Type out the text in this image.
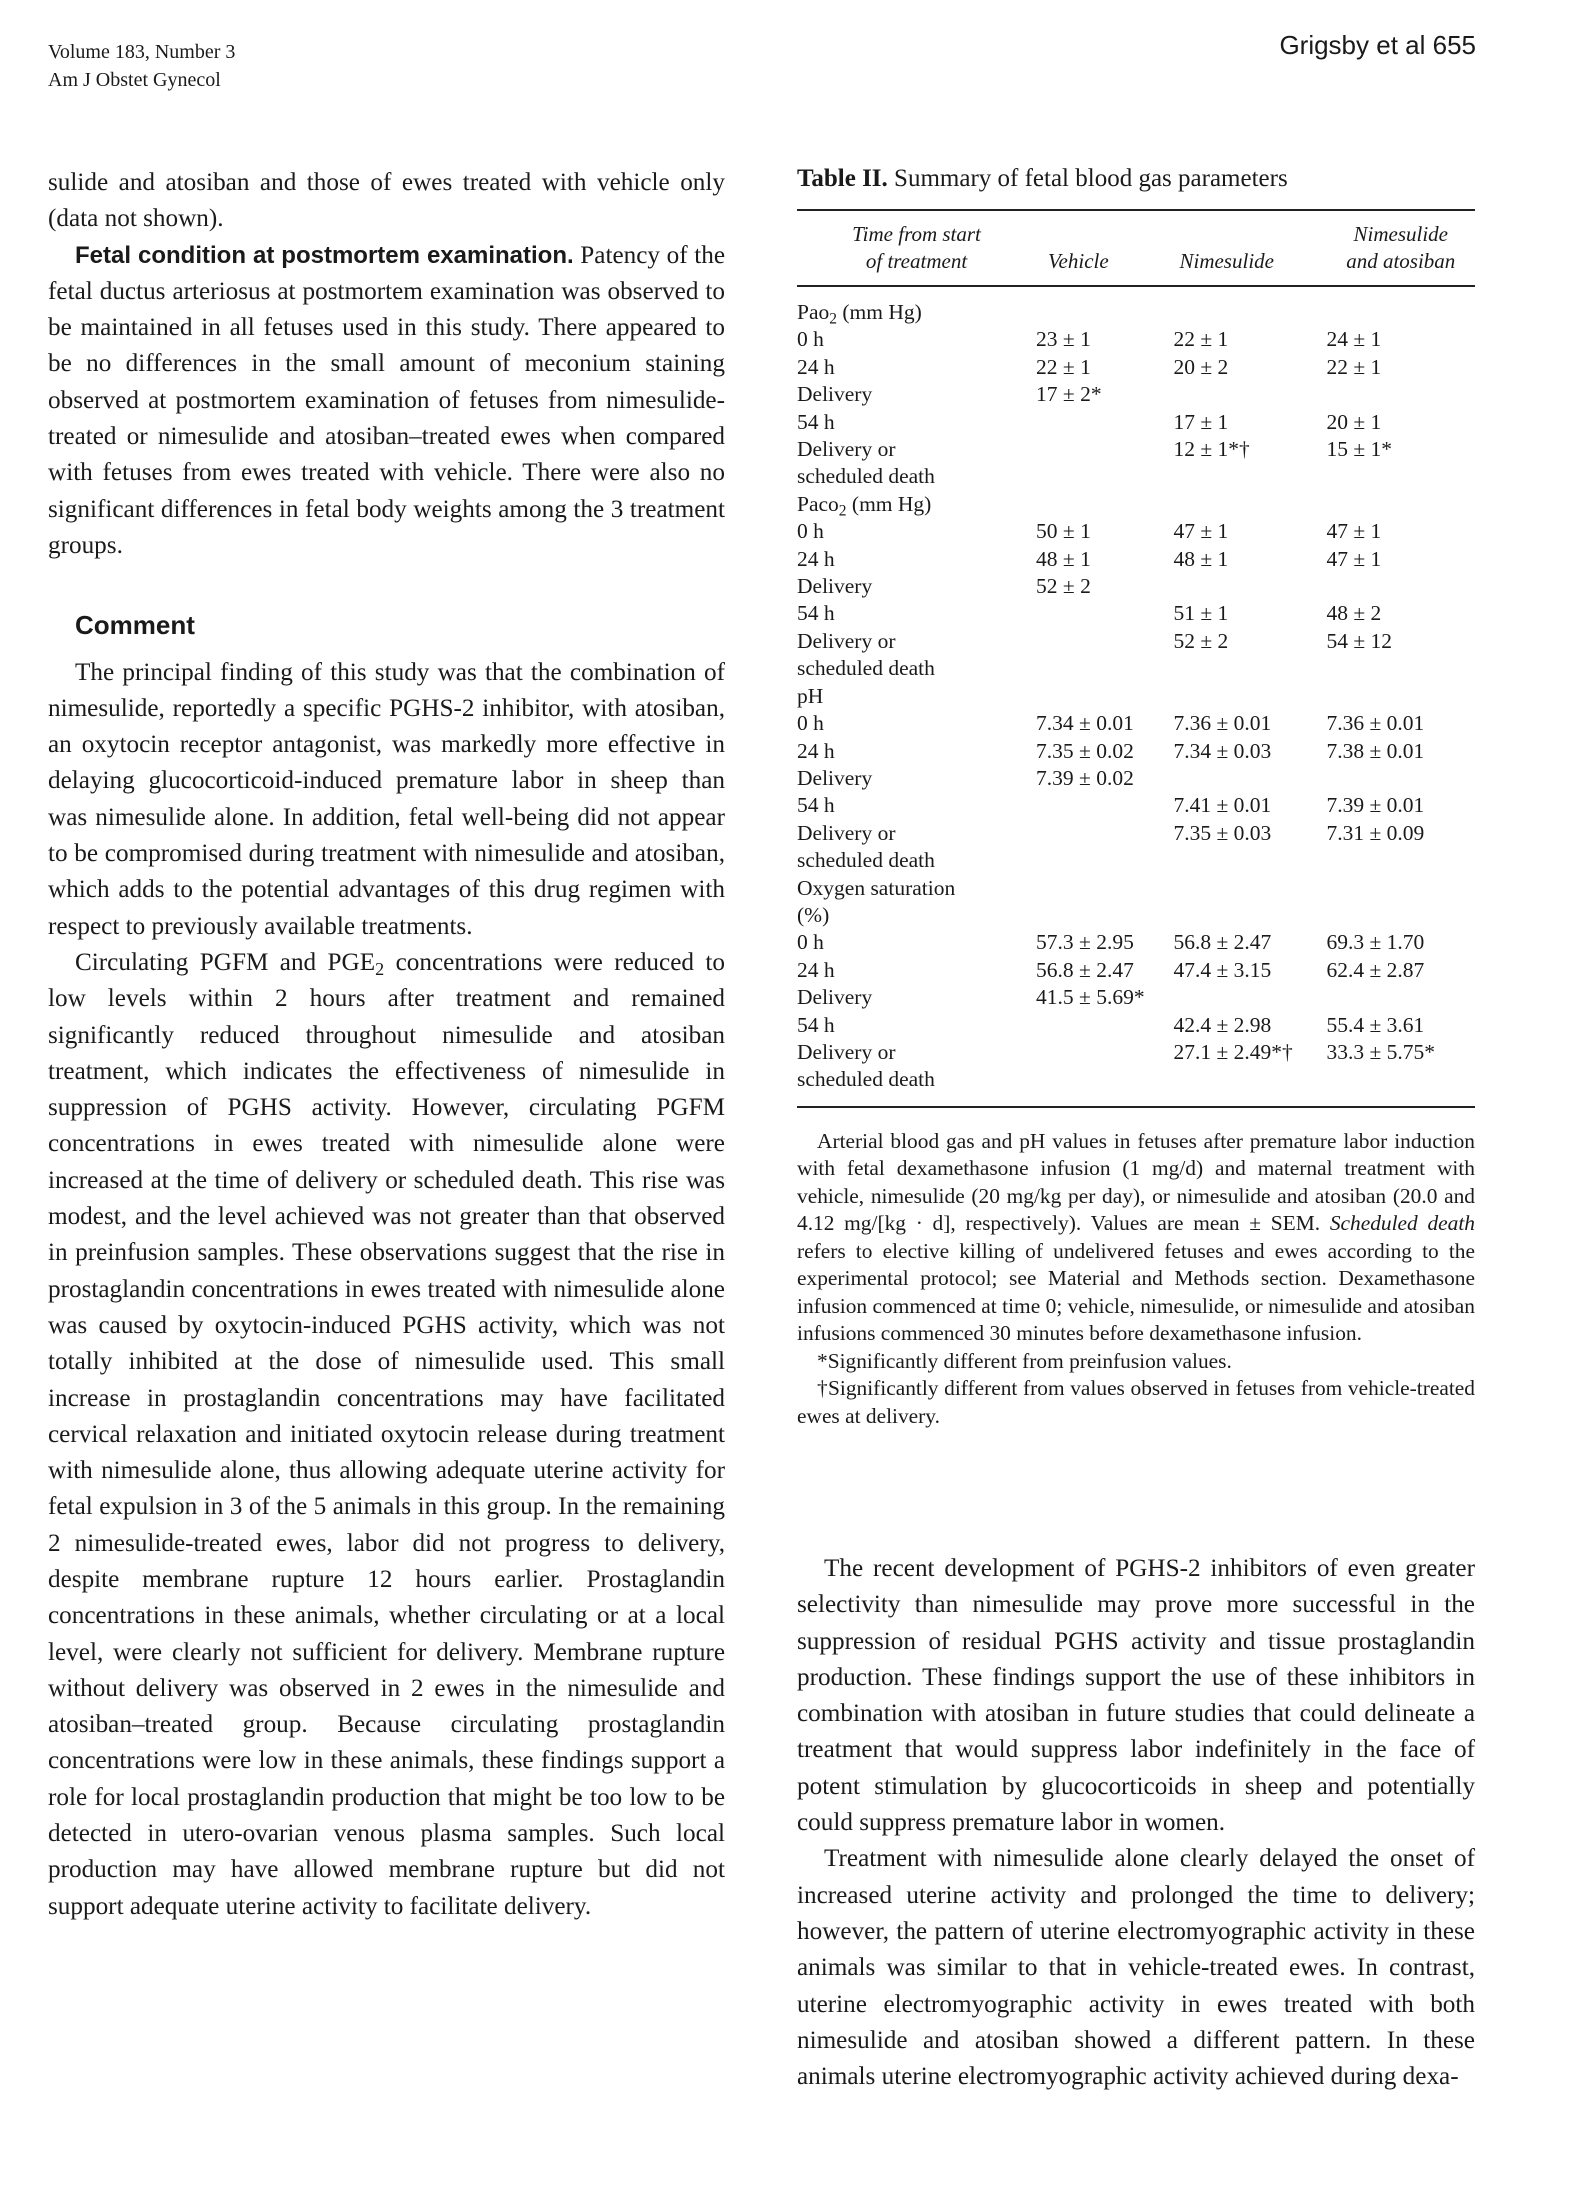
Volume 183, Number 3
Am J Obstet Gynecol
Grigsby et al 655

sulide and atosiban and those of ewes treated with vehicle only (data not shown).

Fetal condition at postmortem examination. Patency of the fetal ductus arteriosus at postmortem examination was observed to be maintained in all fetuses used in this study. There appeared to be no differences in the small amount of meconium staining observed at postmortem examination of fetuses from nimesulide-treated or nimesulide and atosiban–treated ewes when compared with fetuses from ewes treated with vehicle. There were also no significant differences in fetal body weights among the 3 treatment groups.

Comment

The principal finding of this study was that the combination of nimesulide, reportedly a specific PGHS-2 inhibitor, with atosiban, an oxytocin receptor antagonist, was markedly more effective in delaying glucocorticoid-induced premature labor in sheep than was nimesulide alone. In addition, fetal well-being did not appear to be compromised during treatment with nimesulide and atosiban, which adds to the potential advantages of this drug regimen with respect to previously available treatments.

Circulating PGFM and $PGE_2$ concentrations were reduced to low levels within 2 hours after treatment and remained significantly reduced throughout nimesulide and atosiban treatment, which indicates the effectiveness of nimesulide in suppression of PGHS activity. However, circulating PGFM concentrations in ewes treated with nimesulide alone were increased at the time of delivery or scheduled death. This rise was modest, and the level achieved was not greater than that observed in preinfusion samples. These observations suggest that the rise in prostaglandin concentrations in ewes treated with nimesulide alone was caused by oxytocin-induced PGHS activity, which was not totally inhibited at the dose of nimesulide used. This small increase in prostaglandin concentrations may have facilitated cervical relaxation and initiated oxytocin release during treatment with nimesulide alone, thus allowing adequate uterine activity for fetal expulsion in 3 of the 5 animals in this group. In the remaining 2 nimesulide-treated ewes, labor did not progress to delivery, despite membrane rupture 12 hours earlier. Prostaglandin concentrations in these animals, whether circulating or at a local level, were clearly not sufficient for delivery. Membrane rupture without delivery was observed in 2 ewes in the nimesulide and atosiban–treated group. Because circulating prostaglandin concentrations were low in these animals, these findings support a role for local prostaglandin production that might be too low to be detected in utero-ovarian venous plasma samples. Such local production may have allowed membrane rupture but did not support adequate uterine activity to facilitate delivery.

Table II. Summary of fetal blood gas parameters
Time from start
of treatment	Vehicle	Nimesulide	Nimesulide
and atosiban
Pao$_2$ (mm Hg)			
0 h	23 ± 1	22 ± 1	24 ± 1
24 h	22 ± 1	20 ± 2	22 ± 1
Delivery	17 ± 2*		
54 h		17 ± 1	20 ± 1
Delivery or		12 ± 1*†	15 ± 1*
scheduled death			
Paco$_2$ (mm Hg)			
0 h	50 ± 1	47 ± 1	47 ± 1
24 h	48 ± 1	48 ± 1	47 ± 1
Delivery	52 ± 2		
54 h		51 ± 1	48 ± 2
Delivery or		52 ± 2	54 ± 12
scheduled death			
pH			
0 h	7.34 ± 0.01	7.36 ± 0.01	7.36 ± 0.01
24 h	7.35 ± 0.02	7.34 ± 0.03	7.38 ± 0.01
Delivery	7.39 ± 0.02		
54 h		7.41 ± 0.01	7.39 ± 0.01
Delivery or		7.35 ± 0.03	7.31 ± 0.09
scheduled death			
Oxygen saturation			
(%)			
0 h	57.3 ± 2.95	56.8 ± 2.47	69.3 ± 1.70
24 h	56.8 ± 2.47	47.4 ± 3.15	62.4 ± 2.87
Delivery	41.5 ± 5.69*		
54 h		42.4 ± 2.98	55.4 ± 3.61
Delivery or		27.1 ± 2.49*†	33.3 ± 5.75*
scheduled death			

Arterial blood gas and pH values in fetuses after premature labor induction with fetal dexamethasone infusion (1 mg/d) and maternal treatment with vehicle, nimesulide (20 mg/kg per day), or nimesulide and atosiban (20.0 and 4.12 mg/[kg · d], respectively). Values are mean ± SEM. Scheduled death refers to elective killing of undelivered fetuses and ewes according to the experimental protocol; see Material and Methods section. Dexamethasone infusion commenced at time 0; vehicle, nimesulide, or nimesulide and atosiban infusions commenced 30 minutes before dexamethasone infusion.

*Significantly different from preinfusion values.

†Significantly different from values observed in fetuses from vehicle-treated ewes at delivery.

The recent development of PGHS-2 inhibitors of even greater selectivity than nimesulide may prove more successful in the suppression of residual PGHS activity and tissue prostaglandin production. These findings support the use of these inhibitors in combination with atosiban in future studies that could delineate a treatment that would suppress labor indefinitely in the face of potent stimulation by glucocorticoids in sheep and potentially could suppress premature labor in women.

Treatment with nimesulide alone clearly delayed the onset of increased uterine activity and prolonged the time to delivery; however, the pattern of uterine electromyographic activity in these animals was similar to that in vehicle-treated ewes. In contrast, uterine electromyographic activity in ewes treated with both nimesulide and atosiban showed a different pattern. In these animals uterine electromyographic activity achieved during dexa-
